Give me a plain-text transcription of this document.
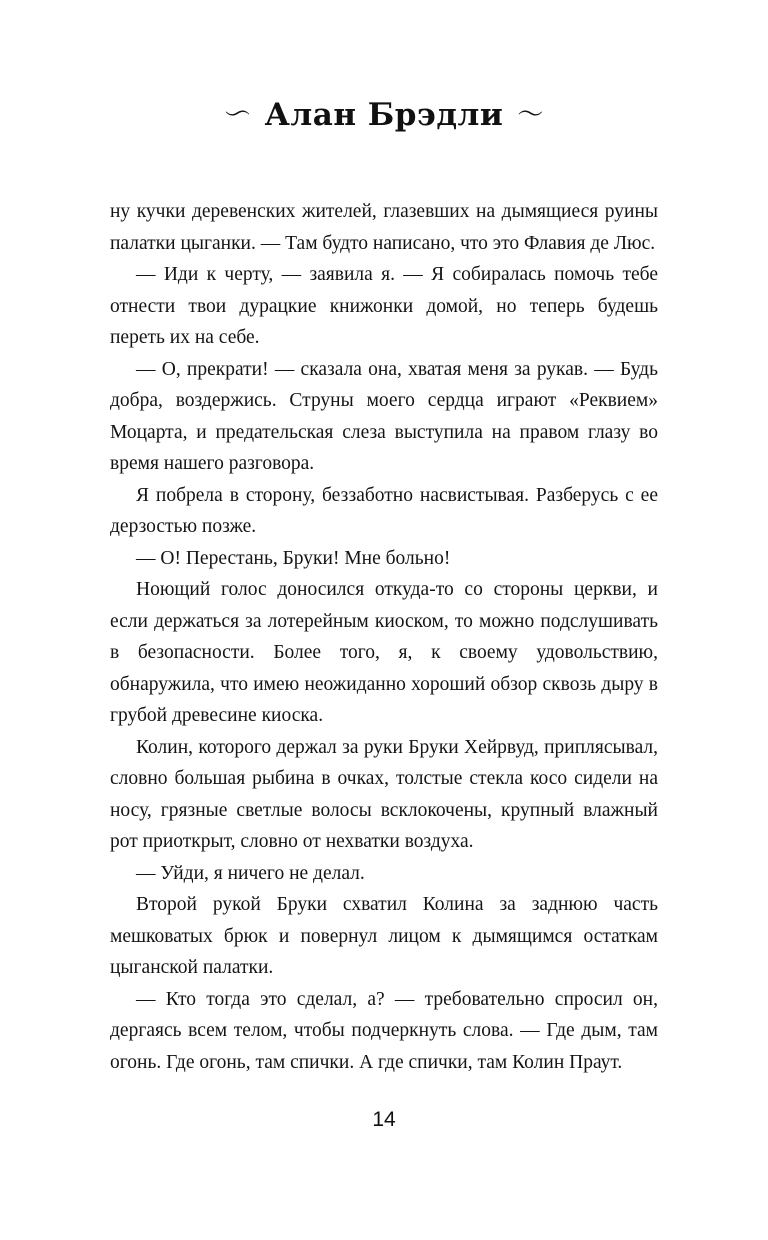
〜 Алан Брэдли 〜

ну кучки деревенских жителей, глазевших на дымящиеся руины палатки цыганки. — Там будто написано, что это Флавия де Люс.

— Иди к черту, — заявила я. — Я собиралась помочь тебе отнести твои дурацкие книжонки домой, но теперь будешь переть их на себе.

— О, прекрати! — сказала она, хватая меня за рукав. — Будь добра, воздержись. Струны моего сердца играют «Реквием» Моцарта, и предательская слеза выступила на правом глазу во время нашего разговора.

Я побрела в сторону, беззаботно насвистывая. Разберусь с ее дерзостью позже.

— О! Перестань, Бруки! Мне больно!

Ноющий голос доносился откуда-то со стороны церкви, и если держаться за лотерейным киоском, то можно подслушивать в безопасности. Более того, я, к своему удовольствию, обнаружила, что имею неожиданно хороший обзор сквозь дыру в грубой древесине киоска.

Колин, которого держал за руки Бруки Хейрвуд, приплясывал, словно большая рыбина в очках, толстые стекла косо сидели на носу, грязные светлые волосы всклокочены, крупный влажный рот приоткрыт, словно от нехватки воздуха.

— Уйди, я ничего не делал.

Второй рукой Бруки схватил Колина за заднюю часть мешковатых брюк и повернул лицом к дымящимся остаткам цыганской палатки.

— Кто тогда это сделал, а? — требовательно спросил он, дергаясь всем телом, чтобы подчеркнуть слова. — Где дым, там огонь. Где огонь, там спички. А где спички, там Колин Праут.

14
